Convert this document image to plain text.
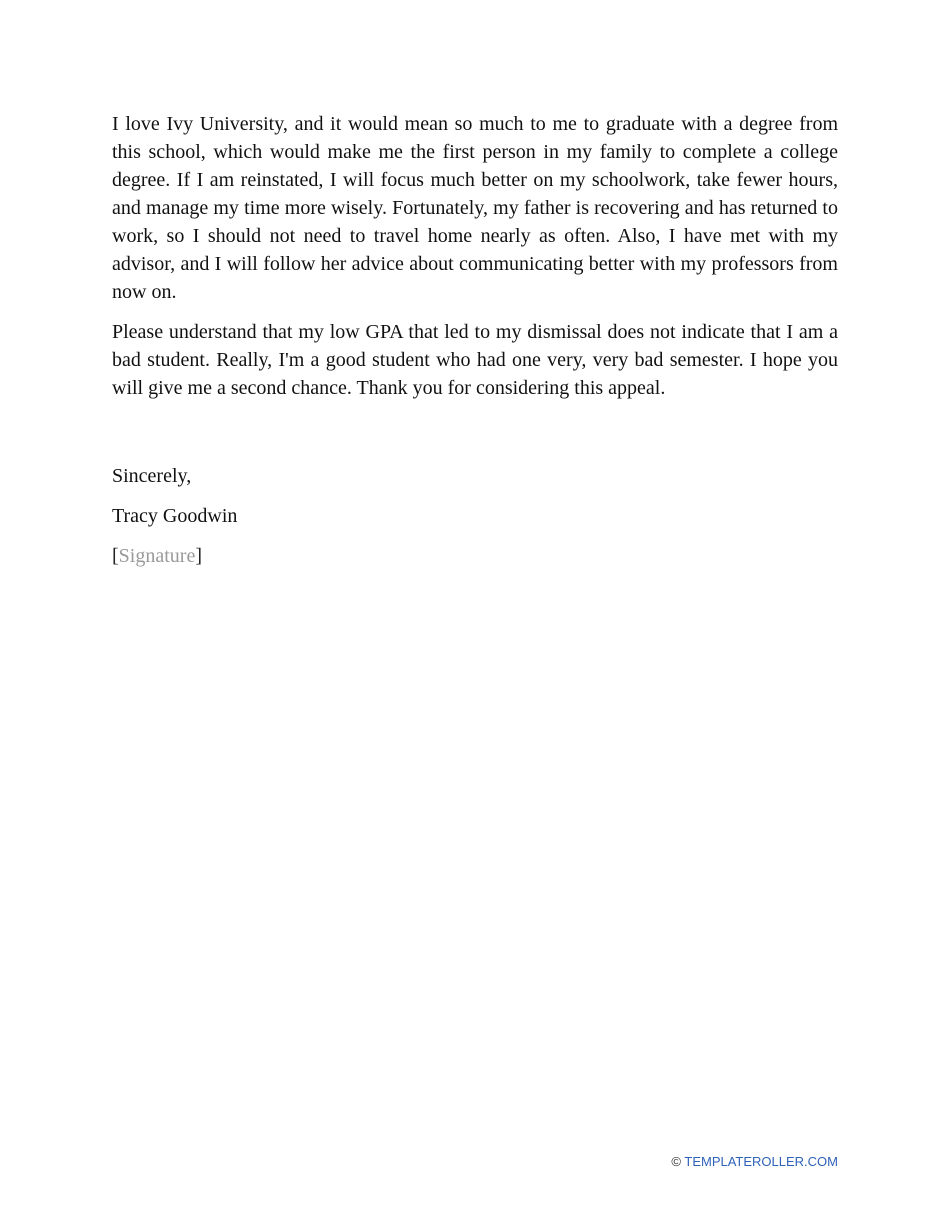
I love Ivy University, and it would mean so much to me to graduate with a degree from this school, which would make me the first person in my family to complete a college degree. If I am reinstated, I will focus much better on my schoolwork, take fewer hours, and manage my time more wisely. Fortunately, my father is recovering and has returned to work, so I should not need to travel home nearly as often. Also, I have met with my advisor, and I will follow her advice about communicating better with my professors from now on.

Please understand that my low GPA that led to my dismissal does not indicate that I am a bad student. Really, I'm a good student who had one very, very bad semester. I hope you will give me a second chance. Thank you for considering this appeal.

Sincerely,

Tracy Goodwin

[Signature]

© TEMPLATEROLLER.COM
